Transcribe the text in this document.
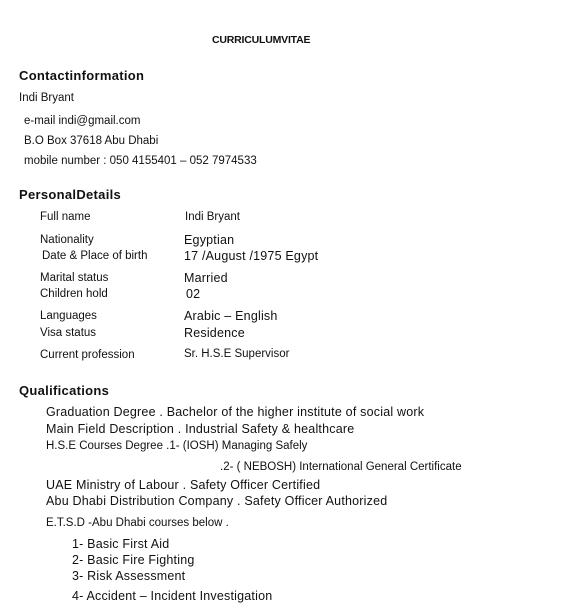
CURRICULUMVITAE
Contactinformation
Indi Bryant
e-mail indi@gmail.com
B.O Box 37618 Abu Dhabi
mobile number : 050 4155401 – 052 7974533
PersonalDetails
Full name	Indi Bryant
Nationality	Egyptian
Date & Place of birth	17 /August /1975 Egypt
Marital status	Married
Children hold	02
Languages	Arabic – English
Visa status	Residence
Current profession	Sr. H.S.E Supervisor
Qualifications
Graduation Degree . Bachelor of the higher institute of social work
Main Field Description . Industrial Safety & healthcare
H.S.E Courses Degree .1- (IOSH) Managing Safely
.2- ( NEBOSH) International General Certificate
UAE Ministry of Labour . Safety Officer Certified
Abu Dhabi Distribution Company . Safety Officer Authorized
E.T.S.D -Abu Dhabi courses below .
1- Basic First Aid
2- Basic Fire Fighting
3- Risk Assessment
4- Accident – Incident Investigation
